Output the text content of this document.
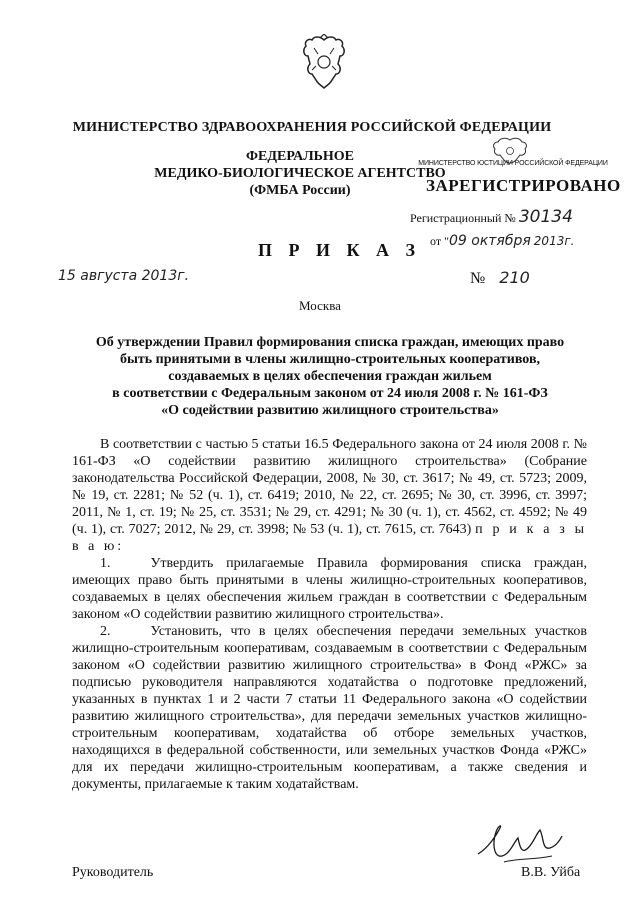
МИНИСТЕРСТВО ЗДРАВООХРАНЕНИЯ РОССИЙСКОЙ ФЕДЕРАЦИИ
ФЕДЕРАЛЬНОЕ
МЕДИКО-БИОЛОГИЧЕСКОЕ АГЕНТСТВО
(ФМБА России)
МИНИСТЕРСТВО ЮСТИЦИИ РОССИЙСКОЙ ФЕДЕРАЦИИ
ЗАРЕГИСТРИРОВАНО
Регистрационный № 30134
от "09 октября 2013г.
П Р И К А З
15 августа 2013г.	№ 210
Москва
Об утверждении Правил формирования списка граждан, имеющих право
быть принятыми в члены жилищно-строительных кооперативов,
создаваемых в целях обеспечения граждан жильем
в соответствии с Федеральным законом от 24 июля 2008 г. № 161-ФЗ
«О содействии развитию жилищного строительства»

В соответствии с частью 5 статьи 16.5 Федерального закона от 24 июля 2008 г. № 161-ФЗ «О содействии развитию жилищного строительства» (Собрание законодательства Российской Федерации, 2008, № 30, ст. 3617; № 49, ст. 5723; 2009, № 19, ст. 2281; № 52 (ч. 1), ст. 6419; 2010, № 22, ст. 2695; № 30, ст. 3996, ст. 3997; 2011, № 1, ст. 19; № 25, ст. 3531; № 29, ст. 4291; № 30 (ч. 1), ст. 4562, ст. 4592; № 49 (ч. 1), ст. 7027; 2012, № 29, ст. 3998; № 53 (ч. 1), ст. 7615, ст. 7643) п р и к а з ы в а ю:

1.	Утвердить прилагаемые Правила формирования списка граждан, имеющих право быть принятыми в члены жилищно-строительных кооперативов, создаваемых в целях обеспечения жильем граждан в соответствии с Федеральным законом «О содействии развитию жилищного строительства».

2.	Установить, что в целях обеспечения передачи земельных участков жилищно-строительным кооперативам, создаваемым в соответствии с Федеральным законом «О содействии развитию жилищного строительства» в Фонд «РЖС» за подписью руководителя направляются ходатайства о подготовке предложений, указанных в пунктах 1 и 2 части 7 статьи 11 Федерального закона «О содействии развитию жилищного строительства», для передачи земельных участков жилищно-строительным кооперативам, ходатайства об отборе земельных участков, находящихся в федеральной собственности, или земельных участков Фонда «РЖС» для их передачи жилищно-строительным кооперативам, а также сведения и документы, прилагаемые к таким ходатайствам.

Руководитель	В.В. Уйба
